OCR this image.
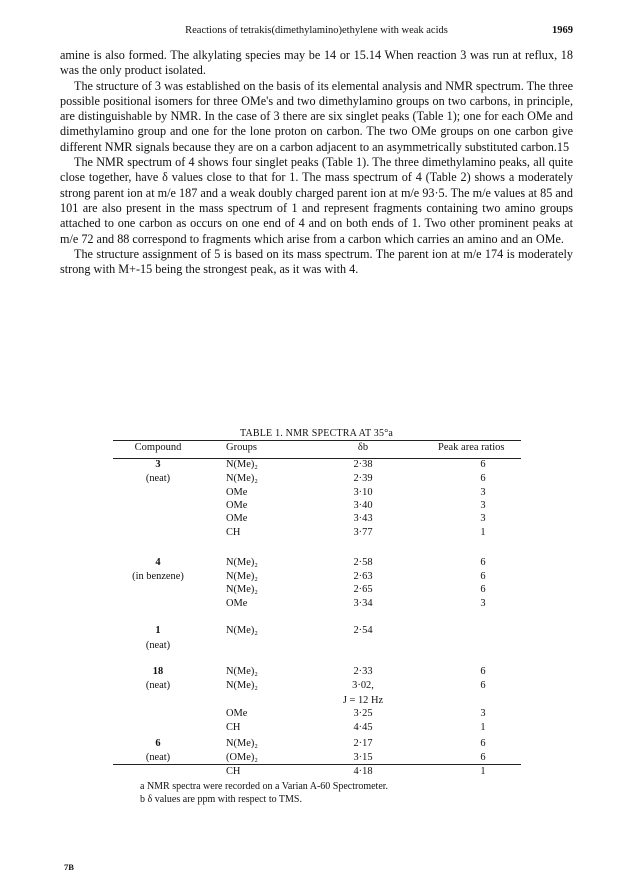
Reactions of tetrakis(dimethylamino)ethylene with weak acids	1969

amine is also formed. The alkylating species may be 14 or 15.14 When reaction 3 was run at reflux, 18 was the only product isolated.

The structure of 3 was established on the basis of its elemental analysis and NMR spectrum. The three possible positional isomers for three OMe's and two dimethylamino groups on two carbons, in principle, are distinguishable by NMR. In the case of 3 there are six singlet peaks (Table 1); one for each OMe and dimethylamino group and one for the lone proton on carbon. The two OMe groups on one carbon give different NMR signals because they are on a carbon adjacent to an asymmetrically substituted carbon.15

The NMR spectrum of 4 shows four singlet peaks (Table 1). The three dimethylamino peaks, all quite close together, have δ values close to that for 1. The mass spectrum of 4 (Table 2) shows a moderately strong parent ion at m/e 187 and a weak doubly charged parent ion at m/e 93·5. The m/e values at 85 and 101 are also present in the mass spectrum of 1 and represent fragments containing two amino groups attached to one carbon as occurs on one end of 4 and on both ends of 1. Two other prominent peaks at m/e 72 and 88 correspond to fragments which arise from a carbon which carries an amino and an OMe.

The structure assignment of 5 is based on its mass spectrum. The parent ion at m/e 174 is moderately strong with M+-15 being the strongest peak, as it was with 4.

TABLE 1. NMR SPECTRA AT 35°a
Compound	Groups	δb	Peak area ratios
3	N(Me)₂	2·38	6
(neat)	N(Me)₂	2·39	6
OMe	3·10	3
OMe	3·40	3
OMe	3·43	3
CH	3·77	1
4	N(Me)₂	2·58	6
(in benzene)	N(Me)₂	2·63	6
N(Me)₂	2·65	6
OMe	3·34	3
1	N(Me)₂	2·54
(neat)
18	N(Me)₂	2·33	6
(neat)	N(Me)₂	3·02,	6
J = 12 Hz
OMe	3·25	3
CH	4·45	1
6	N(Me)₂	2·17	6
(neat)	(OMe)₂	3·15	6
CH	4·18	1
a NMR spectra were recorded on a Varian A-60 Spectrometer.
b δ values are ppm with respect to TMS.
7B
